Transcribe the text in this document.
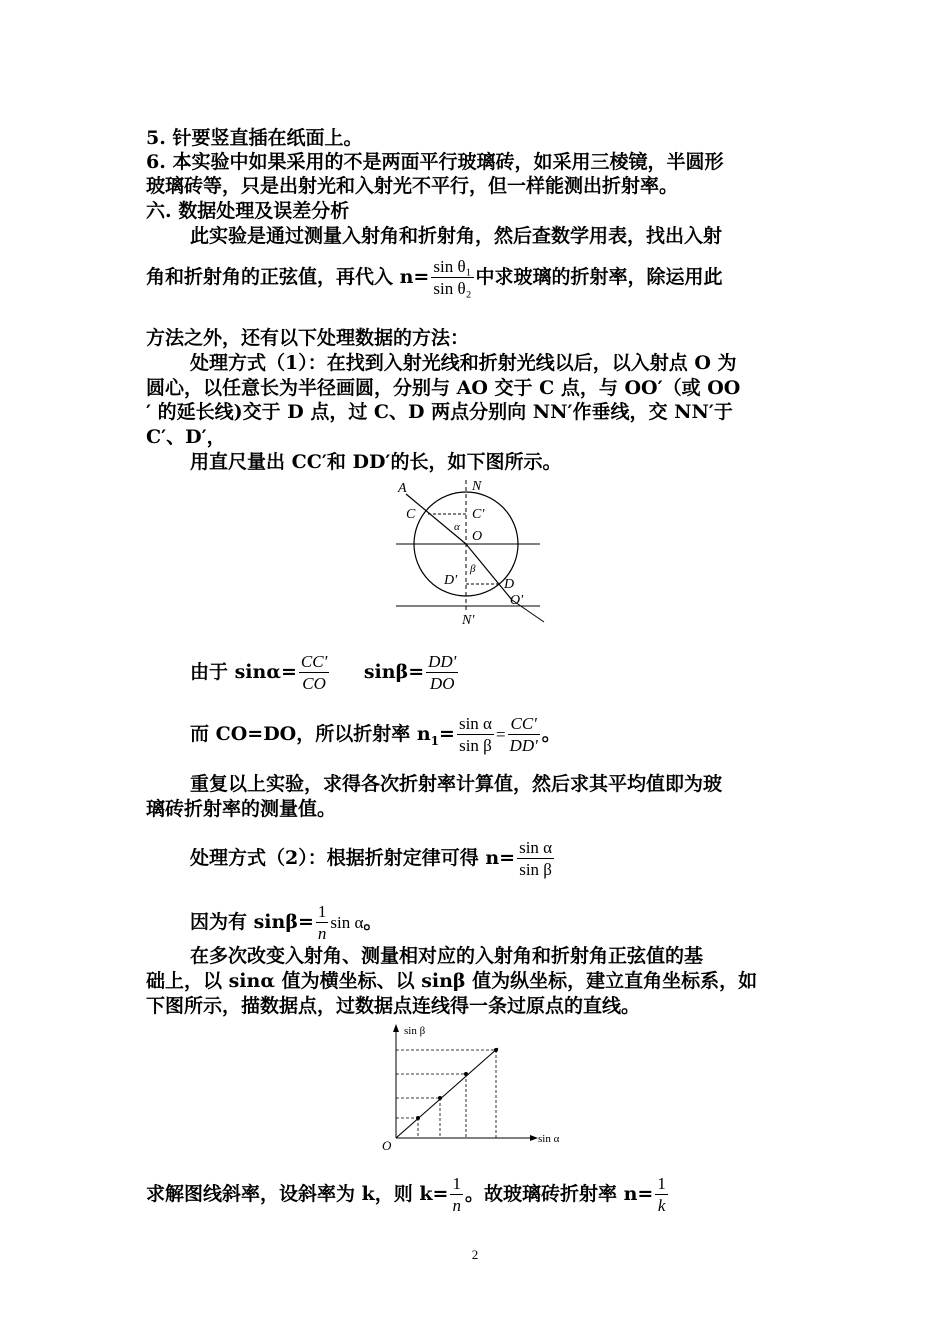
5. 针要竖直插在纸面上。
6. 本实验中如果采用的不是两面平行玻璃砖，如采用三棱镜，半圆形
玻璃砖等，只是出射光和入射光不平行，但一样能测出折射率。
六. 数据处理及误差分析
此实验是通过测量入射角和折射角，然后查数学用表，找出入射
角和折射角的正弦值，再代入 $n= \frac{\text{sin θ₁}}{\text{sin θ₂}}$ 中求玻璃的折射率，除运用此
方法之外，还有以下处理数据的方法：
处理方式（1）：在找到入射光线和折射光线以后，以入射点 O 为
圆心，以任意长为半径画圆，分别与 AO 交于 C 点，与 OO′（或 OO
′ 的延长线)交于 D 点，过 C、D 两点分别向 NN′作垂线，交 NN′于
C′、D′，
用直尺量出 CC′和 DD′的长，如下图所示。
A	N
C	C'
α
O
β
D'	D
O'
N'
由于 $\sin\alpha= \frac{CC'}{CO} \sin\beta= \frac{DD'}{DO}$
而 CO=DO，所以折射率 $n_1= \frac{\text{sin α}}{\text{sin β}} = \frac{CC'}{DD'}$ 。
重复以上实验，求得各次折射率计算值，然后求其平均值即为玻
璃砖折射率的测量值。
处理方式（2）：根据折射定律可得 $n= \frac{\text{sin α}}{\text{sin β}}$
因为有 $\sin\beta= \frac{1}{n}$ sin α。
在多次改变入射角、测量相对应的入射角和折射角正弦值的基
础上，以 sinα 值为横坐标、以 sinβ 值为纵坐标，建立直角坐标系，如
下图所示，描数据点，过数据点连线得一条过原点的直线。
sin β
sin α
O
求解图线斜率，设斜率为 k，则 $k= \frac{1}{n}$ 。故玻璃砖折射率 $n= \frac{1}{k}$
2
